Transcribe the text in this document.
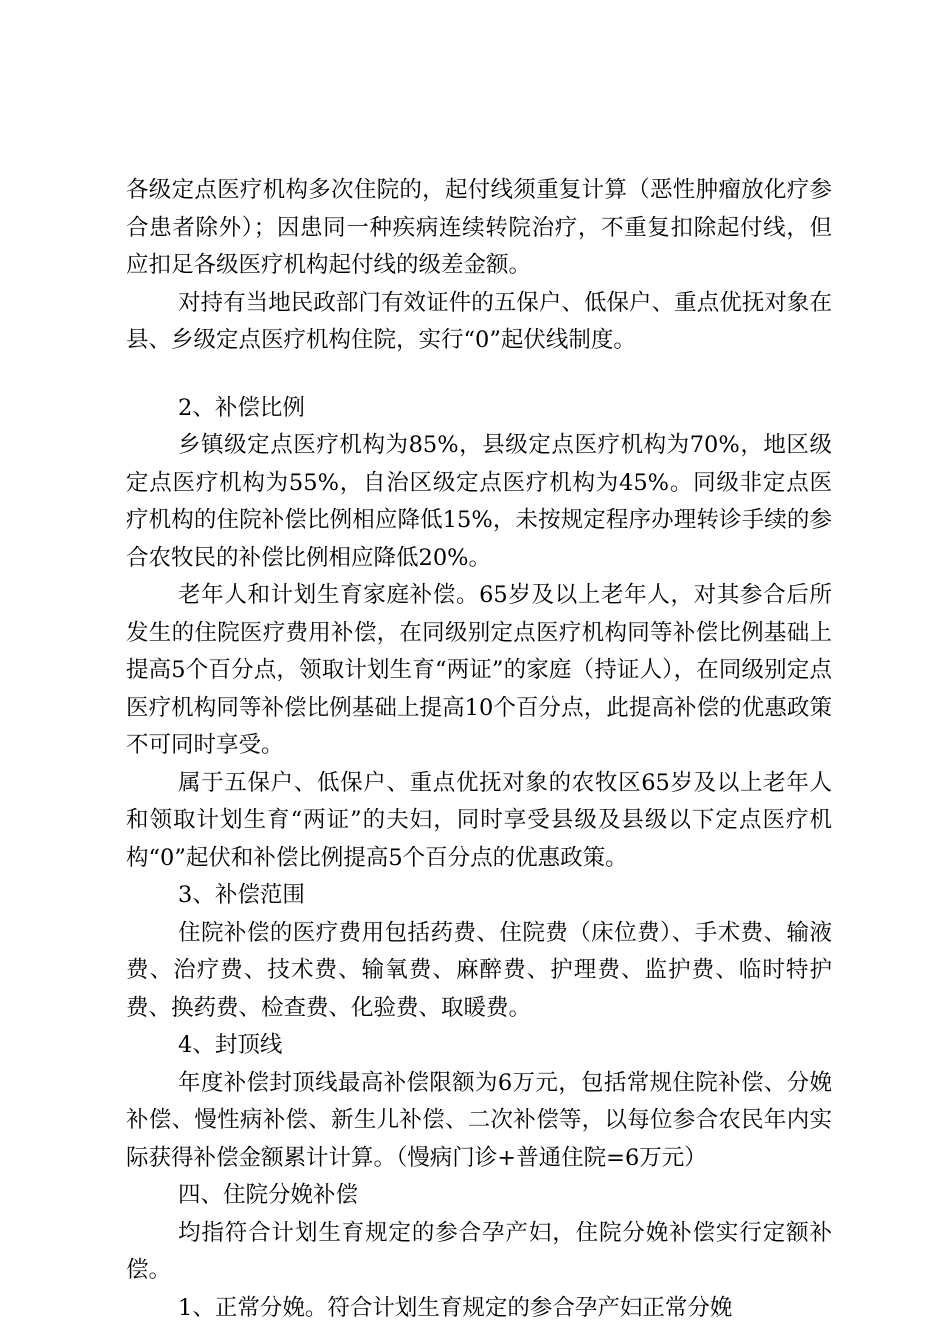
各级定点医疗机构多次住院的，起付线须重复计算（恶性肿瘤放化疗参合患者除外）；因患同一种疾病连续转院治疗，不重复扣除起付线，但应扣足各级医疗机构起付线的级差金额。

对持有当地民政部门有效证件的五保户、低保户、重点优抚对象在县、乡级定点医疗机构住院，实行“0”起伏线制度。

2、补偿比例

乡镇级定点医疗机构为85%，县级定点医疗机构为70%，地区级定点医疗机构为55%，自治区级定点医疗机构为45%。同级非定点医疗机构的住院补偿比例相应降低15%，未按规定程序办理转诊手续的参合农牧民的补偿比例相应降低20%。

老年人和计划生育家庭补偿。65岁及以上老年人，对其参合后所发生的住院医疗费用补偿，在同级别定点医疗机构同等补偿比例基础上提高5个百分点，领取计划生育“两证”的家庭（持证人），在同级别定点医疗机构同等补偿比例基础上提高10个百分点，此提高补偿的优惠政策不可同时享受。

属于五保户、低保户、重点优抚对象的农牧区65岁及以上老年人和领取计划生育“两证”的夫妇，同时享受县级及县级以下定点医疗机构“0”起伏和补偿比例提高5个百分点的优惠政策。

3、补偿范围

住院补偿的医疗费用包括药费、住院费（床位费）、手术费、输液费、治疗费、技术费、输氧费、麻醉费、护理费、监护费、临时特护费、换药费、检查费、化验费、取暖费。

4、封顶线

年度补偿封顶线最高补偿限额为6万元，包括常规住院补偿、分娩补偿、慢性病补偿、新生儿补偿、二次补偿等，以每位参合农民年内实际获得补偿金额累计计算。（慢病门诊+普通住院=6万元）

四、住院分娩补偿

均指符合计划生育规定的参合孕产妇，住院分娩补偿实行定额补偿。

1、正常分娩。符合计划生育规定的参合孕产妇正常分娩
